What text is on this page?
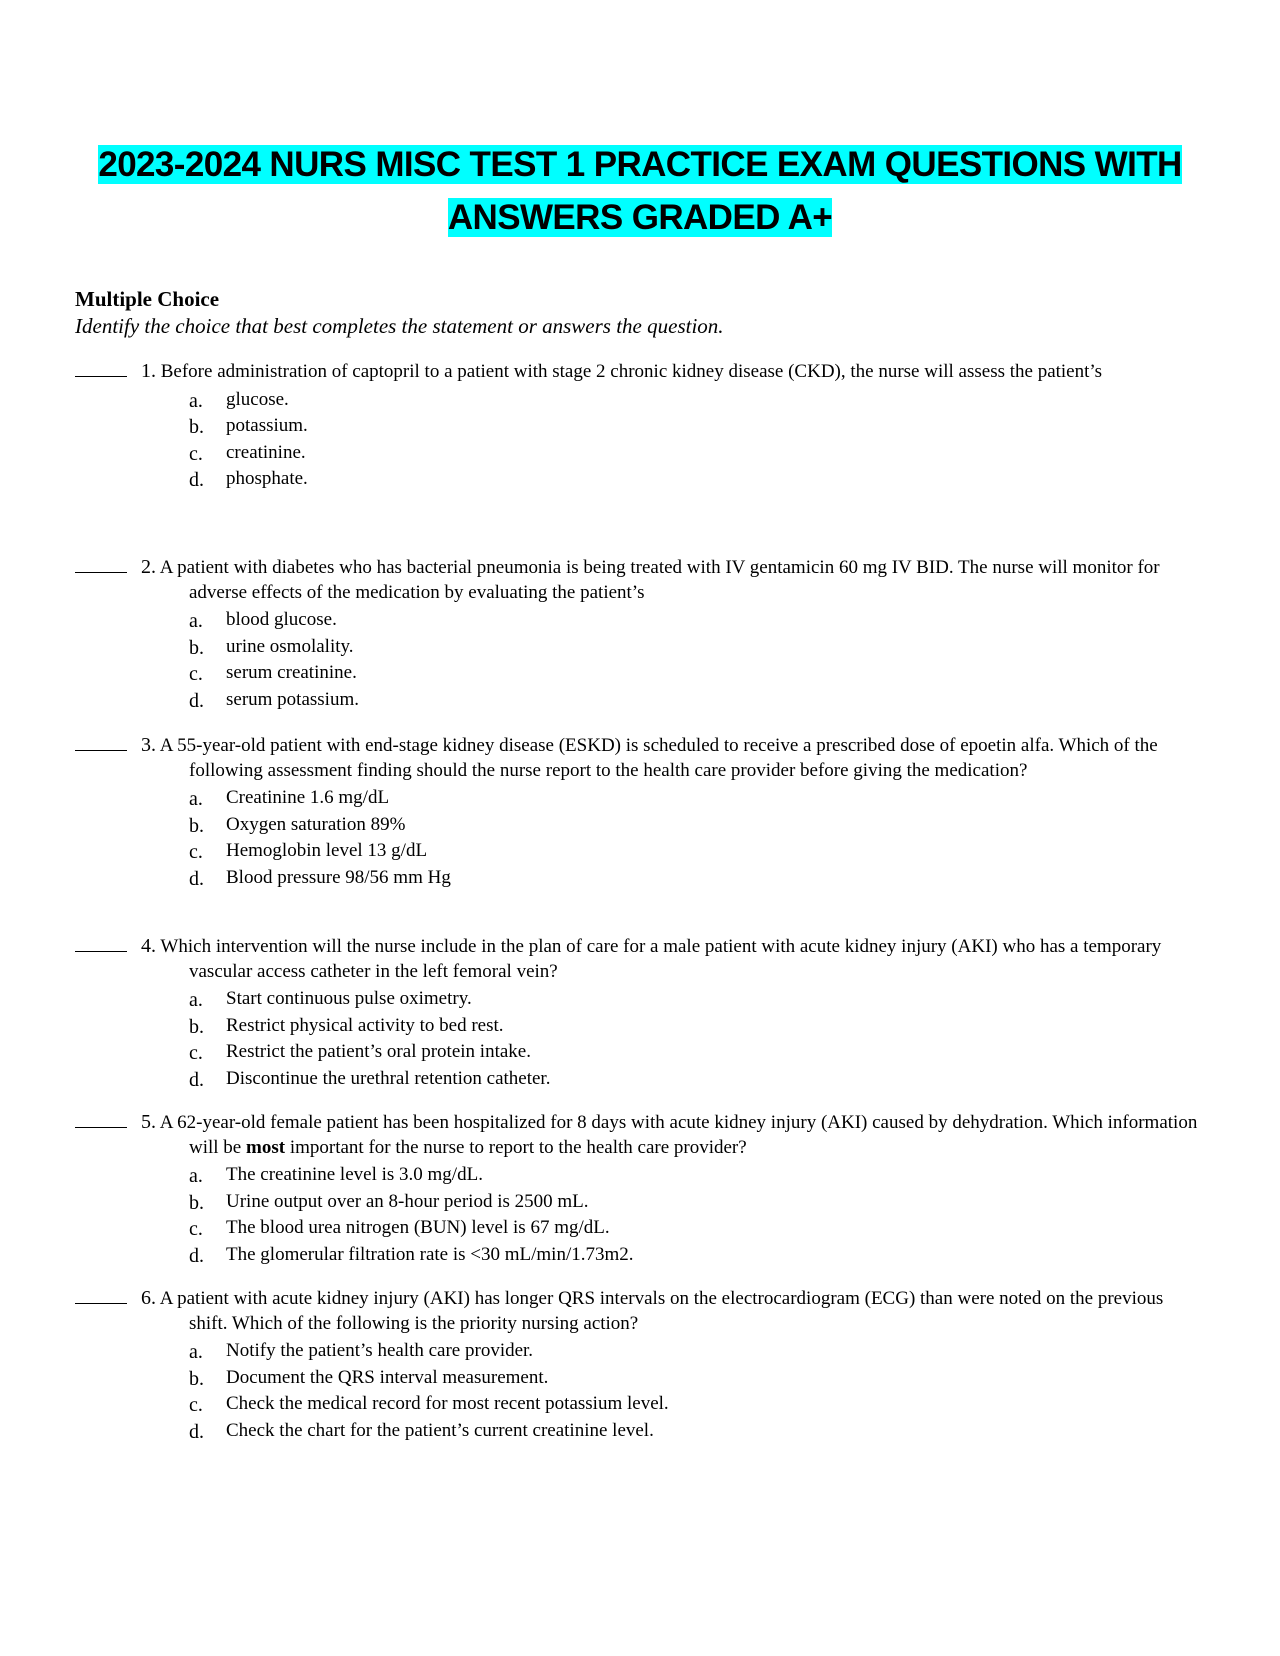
2023-2024 NURS MISC TEST 1 PRACTICE EXAM QUESTIONS WITH
ANSWERS GRADED A+
Multiple Choice
Identify the choice that best completes the statement or answers the question.
1. Before administration of captopril to a patient with stage 2 chronic kidney disease (CKD), the nurse will assess the patient’s
a. glucose.
b. potassium.
c. creatinine.
d. phosphate.
2. A patient with diabetes who has bacterial pneumonia is being treated with IV gentamicin 60 mg IV BID. The nurse will monitor for adverse effects of the medication by evaluating the patient’s
a. blood glucose.
b. urine osmolality.
c. serum creatinine.
d. serum potassium.
3. A 55-year-old patient with end-stage kidney disease (ESKD) is scheduled to receive a prescribed dose of epoetin alfa. Which of the following assessment finding should the nurse report to the health care provider before giving the medication?
a. Creatinine 1.6 mg/dL
b. Oxygen saturation 89%
c. Hemoglobin level 13 g/dL
d. Blood pressure 98/56 mm Hg
4. Which intervention will the nurse include in the plan of care for a male patient with acute kidney injury (AKI) who has a temporary vascular access catheter in the left femoral vein?
a. Start continuous pulse oximetry.
b. Restrict physical activity to bed rest.
c. Restrict the patient’s oral protein intake.
d. Discontinue the urethral retention catheter.
5. A 62-year-old female patient has been hospitalized for 8 days with acute kidney injury (AKI) caused by dehydration. Which information will be most important for the nurse to report to the health care provider?
a. The creatinine level is 3.0 mg/dL.
b. Urine output over an 8-hour period is 2500 mL.
c. The blood urea nitrogen (BUN) level is 67 mg/dL.
d. The glomerular filtration rate is <30 mL/min/1.73m2.
6. A patient with acute kidney injury (AKI) has longer QRS intervals on the electrocardiogram (ECG) than were noted on the previous shift. Which of the following is the priority nursing action?
a. Notify the patient’s health care provider.
b. Document the QRS interval measurement.
c. Check the medical record for most recent potassium level.
d. Check the chart for the patient’s current creatinine level.
